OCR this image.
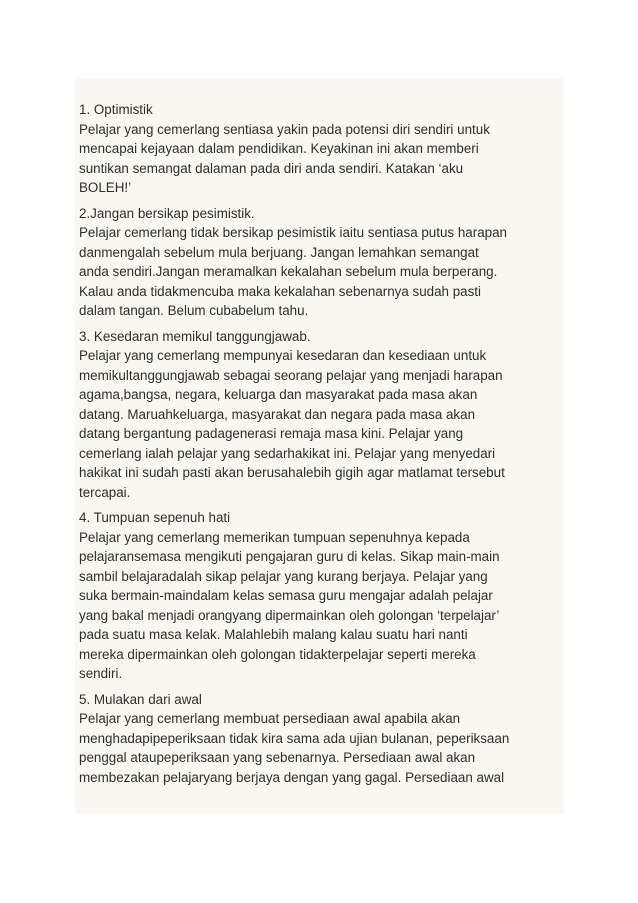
1. Optimistik
Pelajar yang cemerlang sentiasa yakin pada potensi diri sendiri untuk
mencapai kejayaan dalam pendidikan. Keyakinan ini akan memberi
suntikan semangat dalaman pada diri anda sendiri. Katakan ‘aku
BOLEH!’
2.Jangan bersikap pesimistik.
Pelajar cemerlang tidak bersikap pesimistik iaitu sentiasa putus harapan
danmengalah sebelum mula berjuang. Jangan lemahkan semangat
anda sendiri.Jangan meramalkan kekalahan sebelum mula berperang.
Kalau anda tidakmencuba maka kekalahan sebenarnya sudah pasti
dalam tangan. Belum cubabelum tahu.
3. Kesedaran memikul tanggungjawab.
Pelajar yang cemerlang mempunyai kesedaran dan kesediaan untuk
memikultanggungjawab sebagai seorang pelajar yang menjadi harapan
agama,bangsa, negara, keluarga dan masyarakat pada masa akan
datang. Maruahkeluarga, masyarakat dan negara pada masa akan
datang bergantung padagenerasi remaja masa kini. Pelajar yang
cemerlang ialah pelajar yang sedarhakikat ini. Pelajar yang menyedari
hakikat ini sudah pasti akan berusahalebih gigih agar matlamat tersebut
tercapai.
4. Tumpuan sepenuh hati
Pelajar yang cemerlang memerikan tumpuan sepenuhnya kepada
pelajaransemasa mengikuti pengajaran guru di kelas. Sikap main-main
sambil belajaradalah sikap pelajar yang kurang berjaya. Pelajar yang
suka bermain-maindalam kelas semasa guru mengajar adalah pelajar
yang bakal menjadi orangyang dipermainkan oleh golongan ‘terpelajar’
pada suatu masa kelak. Malahlebih malang kalau suatu hari nanti
mereka dipermainkan oleh golongan tidakterpelajar seperti mereka
sendiri.
5. Mulakan dari awal
Pelajar yang cemerlang membuat persediaan awal apabila akan
menghadapipeperiksaan tidak kira sama ada ujian bulanan, peperiksaan
penggal ataupeperiksaan yang sebenarnya. Persediaan awal akan
membezakan pelajaryang berjaya dengan yang gagal. Persediaan awal
